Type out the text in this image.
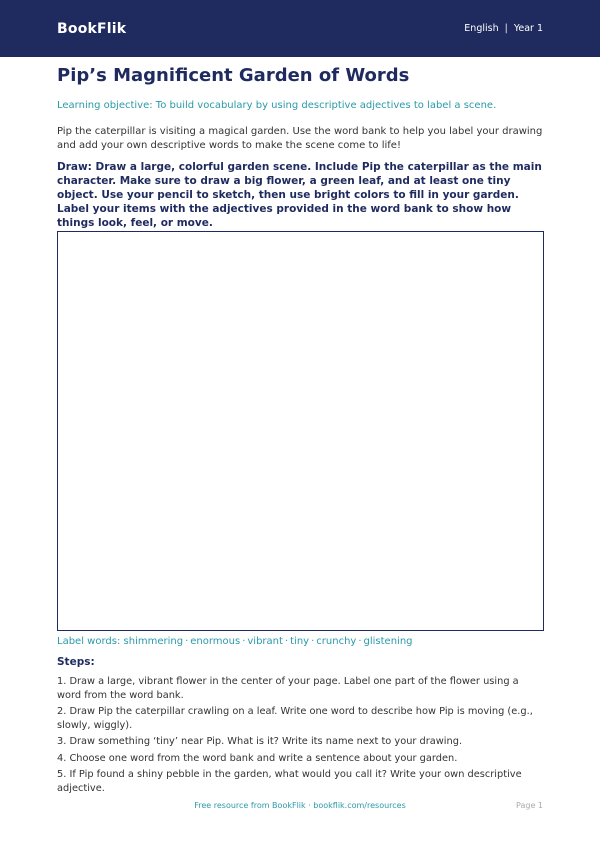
BookFlik	English | Year 1
Pip’s Magnificent Garden of Words

Learning objective: To build vocabulary by using descriptive adjectives to label a scene.

Pip the caterpillar is visiting a magical garden. Use the word bank to help you label your drawing and add your own descriptive words to make the scene come to life!

Draw: Draw a large, colorful garden scene. Include Pip the caterpillar as the main character. Make sure to draw a big flower, a green leaf, and at least one tiny object. Use your pencil to sketch, then use bright colors to fill in your garden. Label your items with the adjectives provided in the word bank to show how things look, feel, or move.

Label words: shimmering · enormous · vibrant · tiny · crunchy · glistening
Steps:
1. Draw a large, vibrant flower in the center of your page. Label one part of the flower using a word from the word bank.
2. Draw Pip the caterpillar crawling on a leaf. Write one word to describe how Pip is moving (e.g., slowly, wiggly).
3. Draw something ‘tiny’ near Pip. What is it? Write its name next to your drawing.
4. Choose one word from the word bank and write a sentence about your garden.
5. If Pip found a shiny pebble in the garden, what would you call it? Write your own descriptive adjective.
Free resource from BookFlik · bookflik.com/resources	Page 1
